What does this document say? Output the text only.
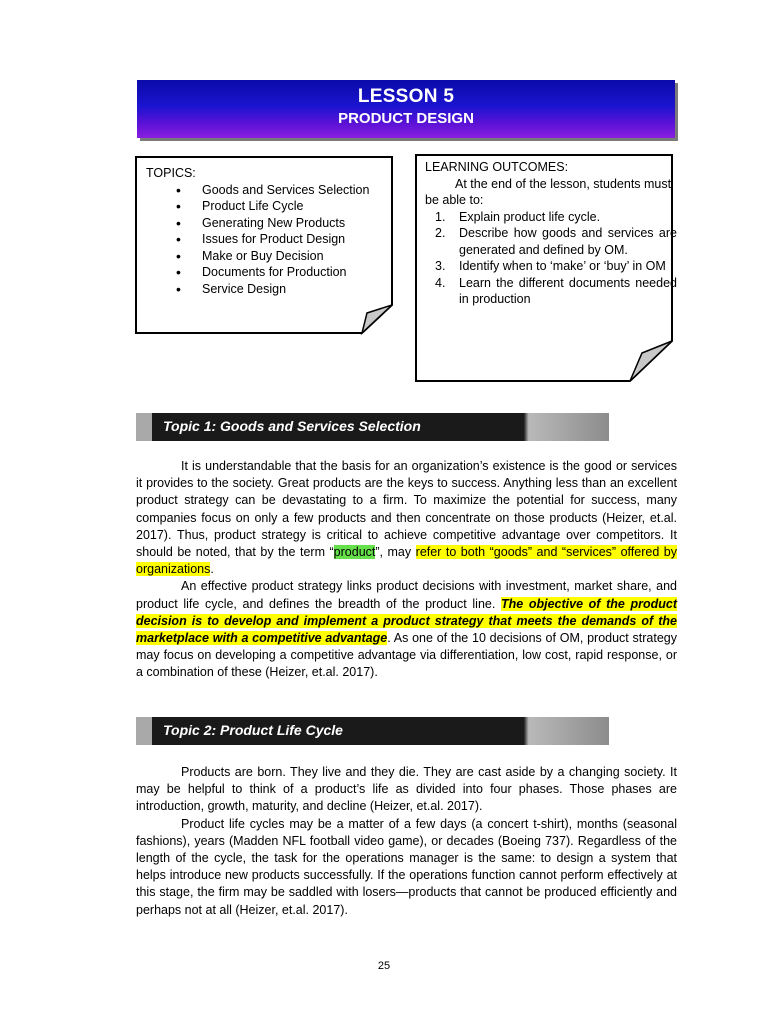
LESSON 5
PRODUCT DESIGN
TOPICS:
• Goods and Services Selection
• Product Life Cycle
• Generating New Products
• Issues for Product Design
• Make or Buy Decision
• Documents for Production
• Service Design
LEARNING OUTCOMES:
At the end of the lesson, students must be able to:
1. Explain product life cycle.
2. Describe how goods and services are generated and defined by OM.
3. Identify when to ‘make’ or ‘buy’ in OM
4. Learn the different documents needed in production
Topic 1: Goods and Services Selection

It is understandable that the basis for an organization’s existence is the good or services it provides to the society. Great products are the keys to success. Anything less than an excellent product strategy can be devastating to a firm. To maximize the potential for success, many companies focus on only a few products and then concentrate on those products (Heizer, et.al. 2017). Thus, product strategy is critical to achieve competitive advantage over competitors. It should be noted, that by the term “product”, may refer to both “goods” and “services” offered by organizations.

An effective product strategy links product decisions with investment, market share, and product life cycle, and defines the breadth of the product line. The objective of the product decision is to develop and implement a product strategy that meets the demands of the marketplace with a competitive advantage. As one of the 10 decisions of OM, product strategy may focus on developing a competitive advantage via differentiation, low cost, rapid response, or a combination of these (Heizer, et.al. 2017).

Topic 2: Product Life Cycle

Products are born. They live and they die. They are cast aside by a changing society. It may be helpful to think of a product’s life as divided into four phases. Those phases are introduction, growth, maturity, and decline (Heizer, et.al. 2017).

Product life cycles may be a matter of a few days (a concert t-shirt), months (seasonal fashions), years (Madden NFL football video game), or decades (Boeing 737). Regardless of the length of the cycle, the task for the operations manager is the same: to design a system that helps introduce new products successfully. If the operations function cannot perform effectively at this stage, the firm may be saddled with losers—products that cannot be produced efficiently and perhaps not at all (Heizer, et.al. 2017).

25
